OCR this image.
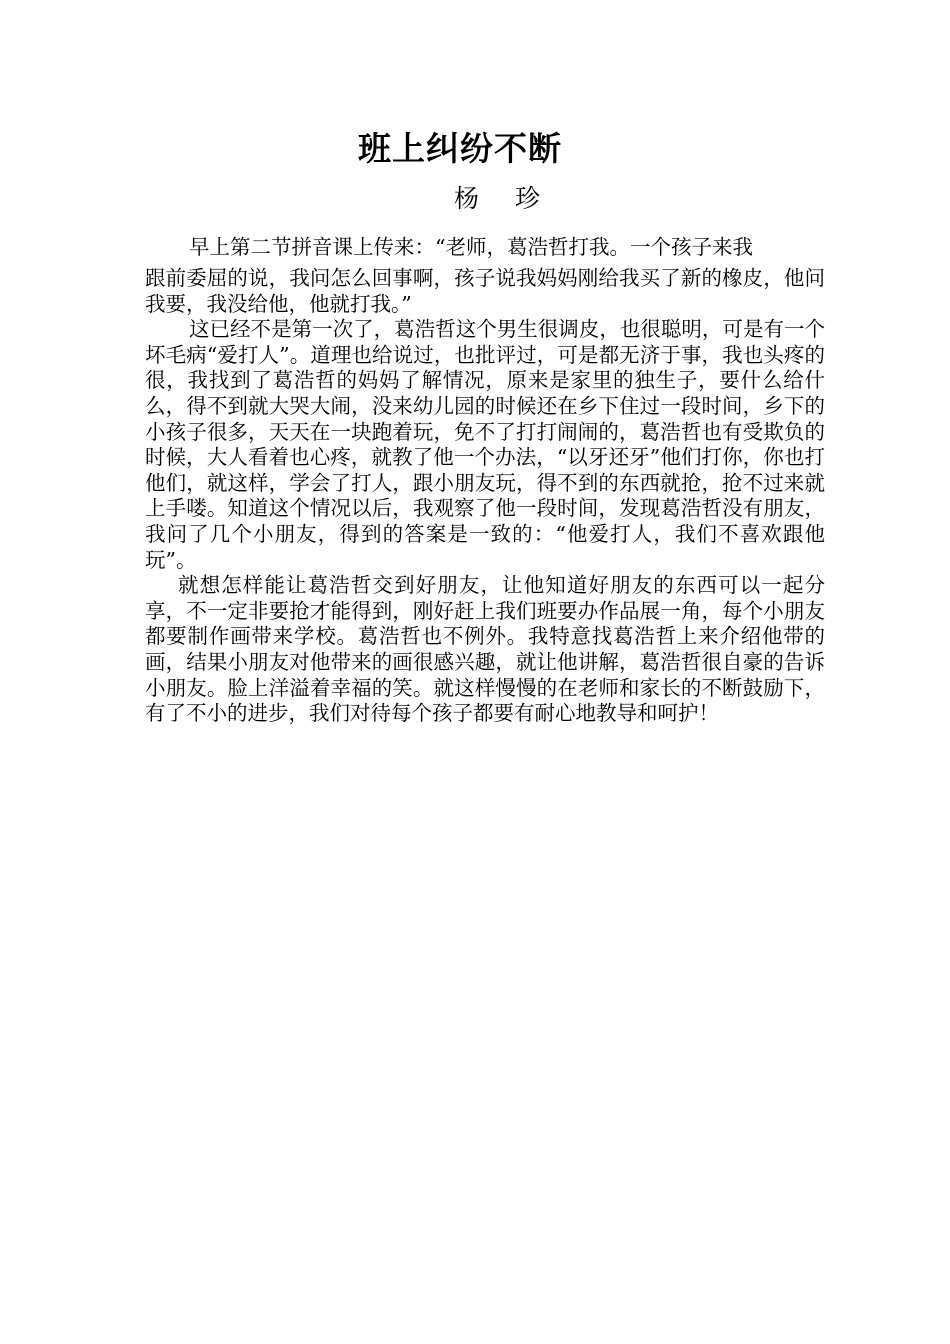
班上纠纷不断
杨 珍

早上第二节拼音课上传来：“老师，葛浩哲打我。一个孩子来我
跟前委屈的说，我问怎么回事啊，孩子说我妈妈刚给我买了新的橡皮，他问我要，我没给他，他就打我。”

这已经不是第一次了，葛浩哲这个男生很调皮，也很聪明，可是有一个坏毛病“爱打人”。道理也给说过，也批评过，可是都无济于事，我也头疼的很，我找到了葛浩哲的妈妈了解情况，原来是家里的独生子，要什么给什么，得不到就大哭大闹，没来幼儿园的时候还在乡下住过一段时间，乡下的小孩子很多，天天在一块跑着玩，免不了打打闹闹的，葛浩哲也有受欺负的时候，大人看着也心疼，就教了他一个办法，“以牙还牙”他们打你，你也打他们，就这样，学会了打人，跟小朋友玩，得不到的东西就抢，抢不过来就上手喽。知道这个情况以后，我观察了他一段时间，发现葛浩哲没有朋友，我问了几个小朋友，得到的答案是一致的：“他爱打人，我们不喜欢跟他玩”。

就想怎样能让葛浩哲交到好朋友，让他知道好朋友的东西可以一起分享，不一定非要抢才能得到，刚好赶上我们班要办作品展一角，每个小朋友都要制作画带来学校。葛浩哲也不例外。我特意找葛浩哲上来介绍他带的画，结果小朋友对他带来的画很感兴趣，就让他讲解，葛浩哲很自豪的告诉小朋友。脸上洋溢着幸福的笑。就这样慢慢的在老师和家长的不断鼓励下，有了不小的进步，我们对待每个孩子都要有耐心地教导和呵护！
